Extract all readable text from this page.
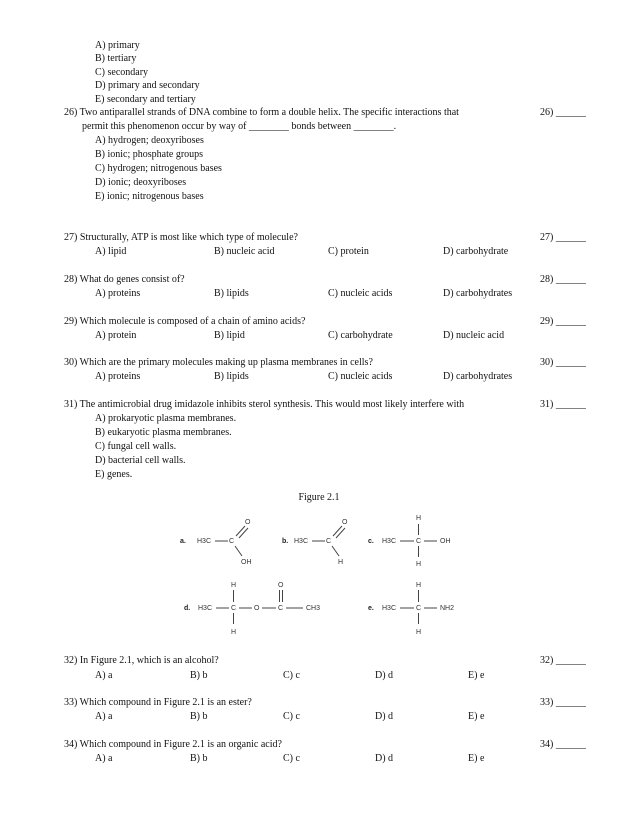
A) primary
B) tertiary
C) secondary
D) primary and secondary
E) secondary and tertiary
26) Two antiparallel strands of DNA combine to form a double helix. The specific interactions that
permit this phenomenon occur by way of ________ bonds between ________.
26) ______
A) hydrogen; deoxyriboses
B) ionic; phosphate groups
C) hydrogen; nitrogenous bases
D) ionic; deoxyriboses
E) ionic; nitrogenous bases
27) Structurally, ATP is most like which type of molecule?	27) ______
A) lipid	B) nucleic acid	C) protein	D) carbohydrate
28) What do genes consist of?	28) ______
A) proteins	B) lipids	C) nucleic acids	D) carbohydrates
29) Which molecule is composed of a chain of amino acids?	29) ______
A) protein	B) lipid	C) carbohydrate	D) nucleic acid
30) Which are the primary molecules making up plasma membranes in cells?	30) ______
A) proteins	B) lipids	C) nucleic acids	D) carbohydrates
31) The antimicrobial drug imidazole inhibits sterol synthesis. This would most likely interfere with	31) ______
A) prokaryotic plasma membranes.
B) eukaryotic plasma membranes.
C) fungal cell walls.
D) bacterial cell walls.
E) genes.
Figure 2.1
a. H3C	C
O
OH
b. H3C	C
O
H
c. H3C	C
H
H
OH
d. H3C	C
H
H
O	C
O
CH3	e. H3C	C
H
H
NH2
32) In Figure 2.1, which is an alcohol?	32) ______
A) a	B) b	C) c	D) d	E) e
33) Which compound in Figure 2.1 is an ester?	33) ______
A) a	B) b	C) c	D) d	E) e
34) Which compound in Figure 2.1 is an organic acid?	34) ______
A) a	B) b	C) c	D) d	E) e
